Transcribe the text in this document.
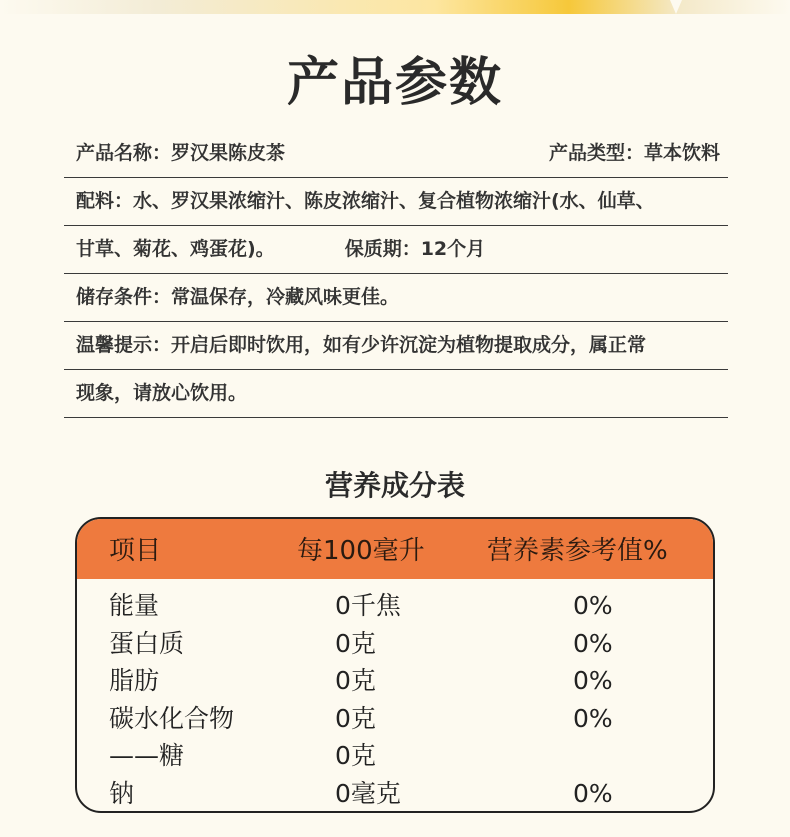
产品参数
产品名称：罗汉果陈皮茶	产品类型：草本饮料
配料：水、罗汉果浓缩汁、陈皮浓缩汁、复合植物浓缩汁(水、仙草、
甘草、菊花、鸡蛋花)。	保质期：12个月
储存条件：常温保存，冷藏风味更佳。
温馨提示：开启后即时饮用，如有少许沉淀为植物提取成分，属正常
现象，请放心饮用。
营养成分表
项目	每100毫升 营养素参考值%
能量	0千焦	0%
蛋白质	0克	0%
脂肪	0克	0%
碳水化合物	0克	0%
——糖	0克
钠	0毫克	0%
